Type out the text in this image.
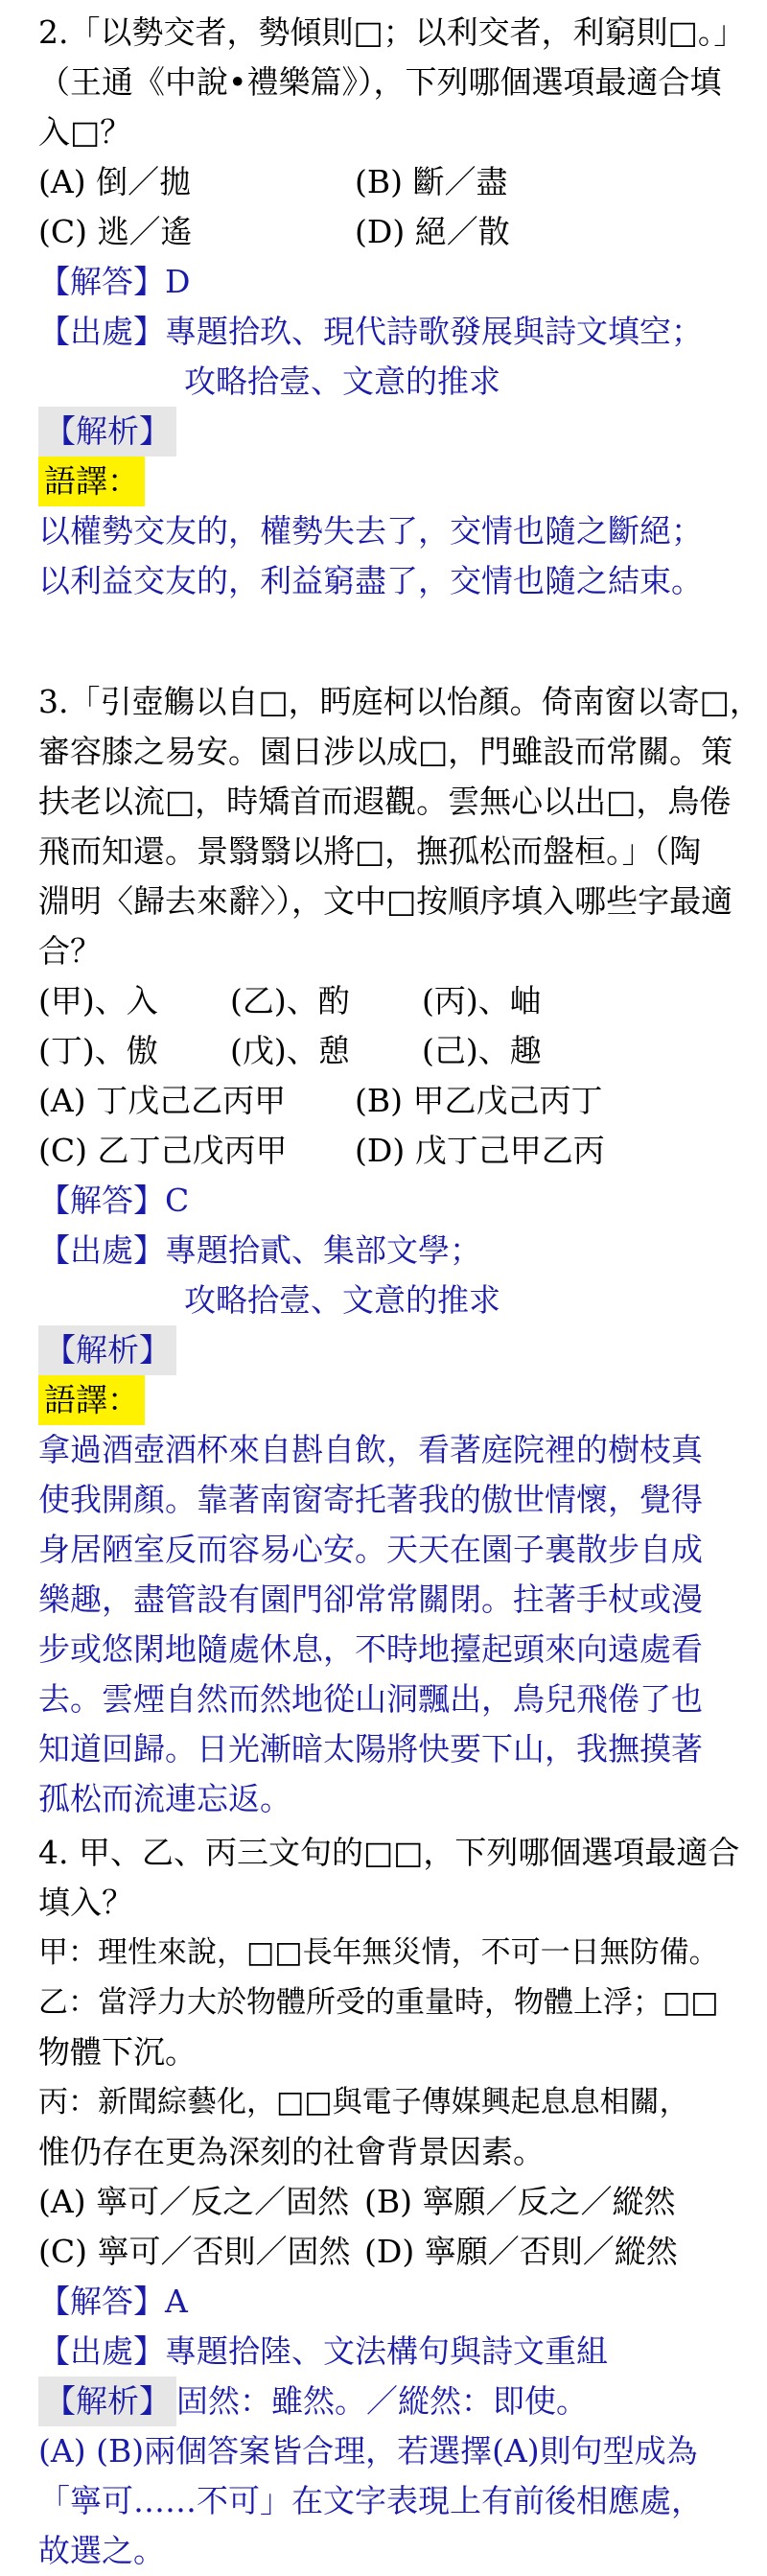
2.「以勢交者，勢傾則□；以利交者，利窮則□。」
（王通《中說•禮樂篇》），下列哪個選項最適合填
入□？
(A) 倒／拋	(B) 斷／盡
(C) 逃／遙	(D) 絕／散
【解答】D
【出處】專題拾玖、現代詩歌發展與詩文填空；
攻略拾壹、文意的推求
【解析】
語譯：
以權勢交友的，權勢失去了，交情也隨之斷絕；
以利益交友的，利益窮盡了，交情也隨之結束。
3.「引壺觴以自□，眄庭柯以怡顏。倚南窗以寄□，
審容膝之易安。園日涉以成□，門雖設而常關。策
扶老以流□，時矯首而遐觀。雲無心以出□，鳥倦
飛而知還。景翳翳以將□，撫孤松而盤桓。」（陶
淵明〈歸去來辭〉），文中□按順序填入哪些字最適
合？
(甲)、入	(乙)、酌	(丙)、岫
(丁)、傲	(戊)、憩	(己)、趣
(A) 丁戊己乙丙甲	(B) 甲乙戊己丙丁
(C) 乙丁己戊丙甲	(D) 戊丁己甲乙丙
【解答】C
【出處】專題拾貳、集部文學；
攻略拾壹、文意的推求
【解析】
語譯：
拿過酒壺酒杯來自斟自飲，看著庭院裡的樹枝真
使我開顏。靠著南窗寄托著我的傲世情懷，覺得
身居陋室反而容易心安。天天在園子裏散步自成
樂趣，盡管設有園門卻常常關閉。拄著手杖或漫
步或悠閑地隨處休息，不時地擡起頭來向遠處看
去。雲煙自然而然地從山洞飄出，鳥兒飛倦了也
知道回歸。日光漸暗太陽將快要下山，我撫摸著
孤松而流連忘返。
4. 甲、乙、丙三文句的□□，下列哪個選項最適合
填入？
甲：理性來說，□□長年無災情，不可一日無防備。
乙：當浮力大於物體所受的重量時，物體上浮；□□
物體下沉。
丙：新聞綜藝化，□□與電子傳媒興起息息相關，
惟仍存在更為深刻的社會背景因素。
(A) 寧可／反之／固然 (B) 寧願／反之／縱然
(C) 寧可／否則／固然 (D) 寧願／否則／縱然
【解答】A
【出處】專題拾陸、文法構句與詩文重組
【解析】 固然：雖然。／縱然：即使。
(A) (B)兩個答案皆合理，若選擇(A)則句型成為
「寧可……不可」在文字表現上有前後相應處，
故選之。
